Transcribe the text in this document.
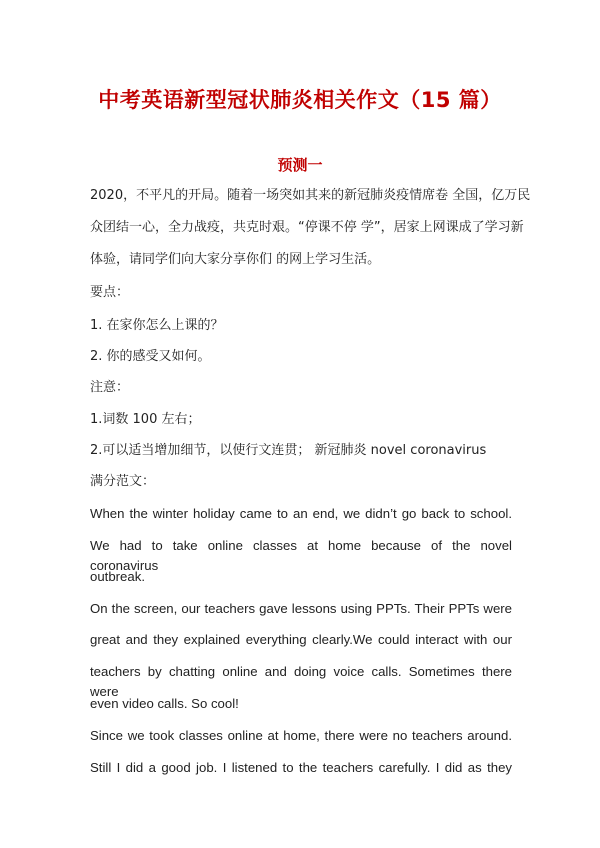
中考英语新型冠状肺炎相关作文（15 篇）
预测一
2020，不平凡的开局。随着一场突如其来的新冠肺炎疫情席卷 全国，亿万民
众团结一心，全力战疫，共克时艰。“停课不停 学”，居家上网课成了学习新
体验，请同学们向大家分享你们 的网上学习生活。
要点：
1. 在家你怎么上课的？
2. 你的感受又如何。
注意：
1.词数 100 左右；
2.可以适当增加细节，以使行文连贯； 新冠肺炎 novel coronavirus
满分范文：
When the winter holiday came to an end, we didn’t go back to school.
We had to take online classes at home because of the novel coronavirus
outbreak.
On the screen, our teachers gave lessons using PPTs. Their PPTs were
great and they explained everything clearly.We could interact with our
teachers by chatting online and doing voice calls. Sometimes there were
even video calls. So cool!
Since we took classes online at home, there were no teachers around.
Still I did a good job. I listened to the teachers carefully. I did as they
